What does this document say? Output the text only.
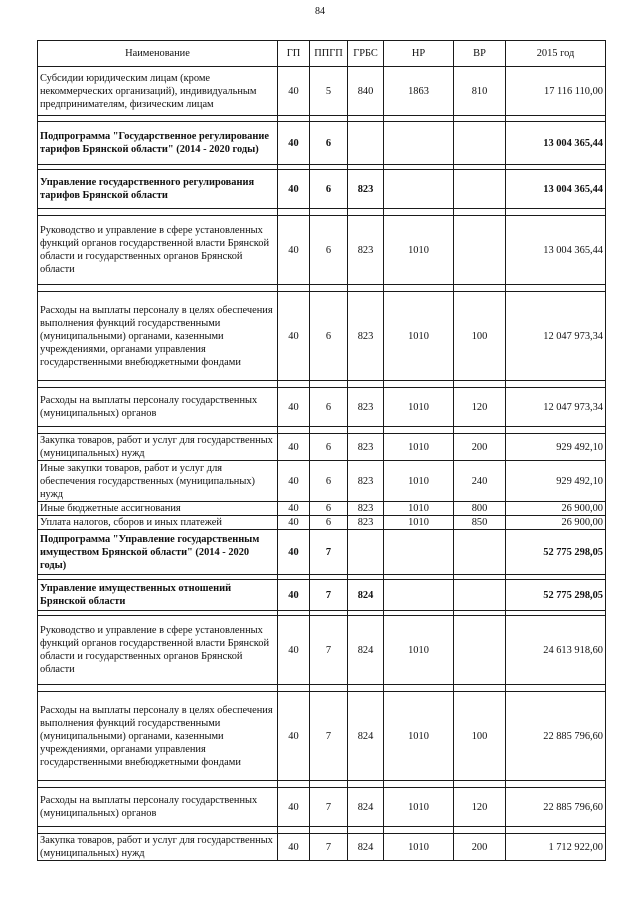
84
Наименование	ГП	ППГП	ГРБС	НР	ВР	2015 год
Субсидии юридическим лицам (кроме некоммерческих организаций), индивидуальным предпринимателям, физическим лицам	40	5	840	1863	810	17 116 110,00

Подпрограмма "Государственное регулирование тарифов Брянской области" (2014 - 2020 годы)	40	6				13 004 365,44

Управление государственного регулирования тарифов Брянской области	40	6	823			13 004 365,44

Руководство и управление в сфере установленных функций органов государственной власти Брянской области и государственных органов Брянской области	40	6	823	1010		13 004 365,44

Расходы на выплаты персоналу в целях обеспечения выполнения функций государственными (муниципальными) органами, казенными учреждениями, органами управления государственными внебюджетными фондами	40	6	823	1010	100	12 047 973,34

Расходы на выплаты персоналу государственных (муниципальных) органов	40	6	823	1010	120	12 047 973,34

Закупка товаров, работ и услуг для государственных (муниципальных) нужд	40	6	823	1010	200	929 492,10
Иные закупки товаров, работ и услуг для обеспечения государственных (муниципальных) нужд	40	6	823	1010	240	929 492,10
Иные бюджетные ассигнования	40	6	823	1010	800	26 900,00
Уплата налогов, сборов и иных платежей	40	6	823	1010	850	26 900,00
Подпрограмма "Управление государственным имуществом Брянской области" (2014 - 2020 годы)	40	7				52 775 298,05

Управление имущественных отношений Брянской области	40	7	824			52 775 298,05

Руководство и управление в сфере установленных функций органов государственной власти Брянской области и государственных органов Брянской области	40	7	824	1010		24 613 918,60

Расходы на выплаты персоналу в целях обеспечения выполнения функций государственными (муниципальными) органами, казенными учреждениями, органами управления государственными внебюджетными фондами	40	7	824	1010	100	22 885 796,60

Расходы на выплаты персоналу государственных (муниципальных) органов	40	7	824	1010	120	22 885 796,60

Закупка товаров, работ и услуг для государственных (муниципальных) нужд	40	7	824	1010	200	1 712 922,00
